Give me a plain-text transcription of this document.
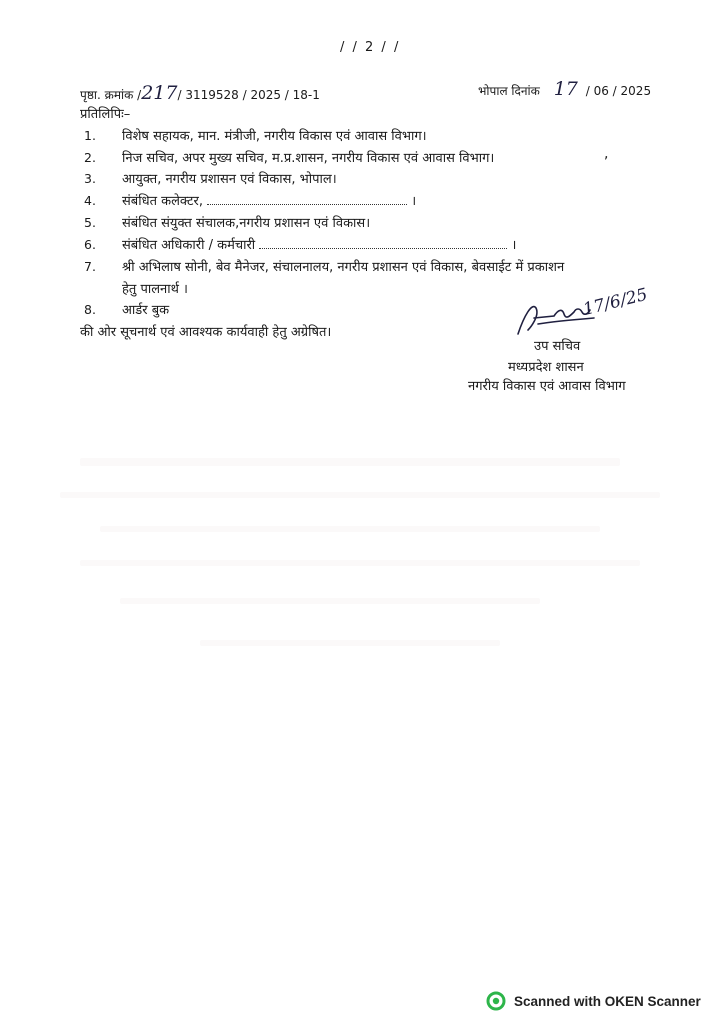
/ / 2 / /
पृष्ठा. क्रमांक /217/ 3119528 / 2025 / 18-1	भोपाल दिनांक 17 / 06 / 2025
प्रतिलिपिः–
1. विशेष सहायक, मान. मंत्रीजी, नगरीय विकास एवं आवास विभाग।
2. निज सचिव, अपर मुख्य सचिव, म.प्र.शासन, नगरीय विकास एवं आवास विभाग।	,
3. आयुक्त, नगरीय प्रशासन एवं विकास, भोपाल।
4. संबंधित कलेक्टर,	।
5. संबंधित संयुक्त संचालक,नगरीय प्रशासन एवं विकास।
6. संबंधित अधिकारी / कर्मचारी	।
7. श्री अभिलाष सोनी, बेव मैनेजर, संचालनालय, नगरीय प्रशासन एवं विकास, बेवसाईट में प्रकाशन
हेतु पालनार्थ ।
8. आर्डर बुक
की ओर सूचनार्थ एवं आवश्यक कार्यवाही हेतु अग्रेषित।
17/6/25
उप सचिव
मध्यप्रदेश शासन
नगरीय विकास एवं आवास विभाग
Scanned with OKEN Scanner
